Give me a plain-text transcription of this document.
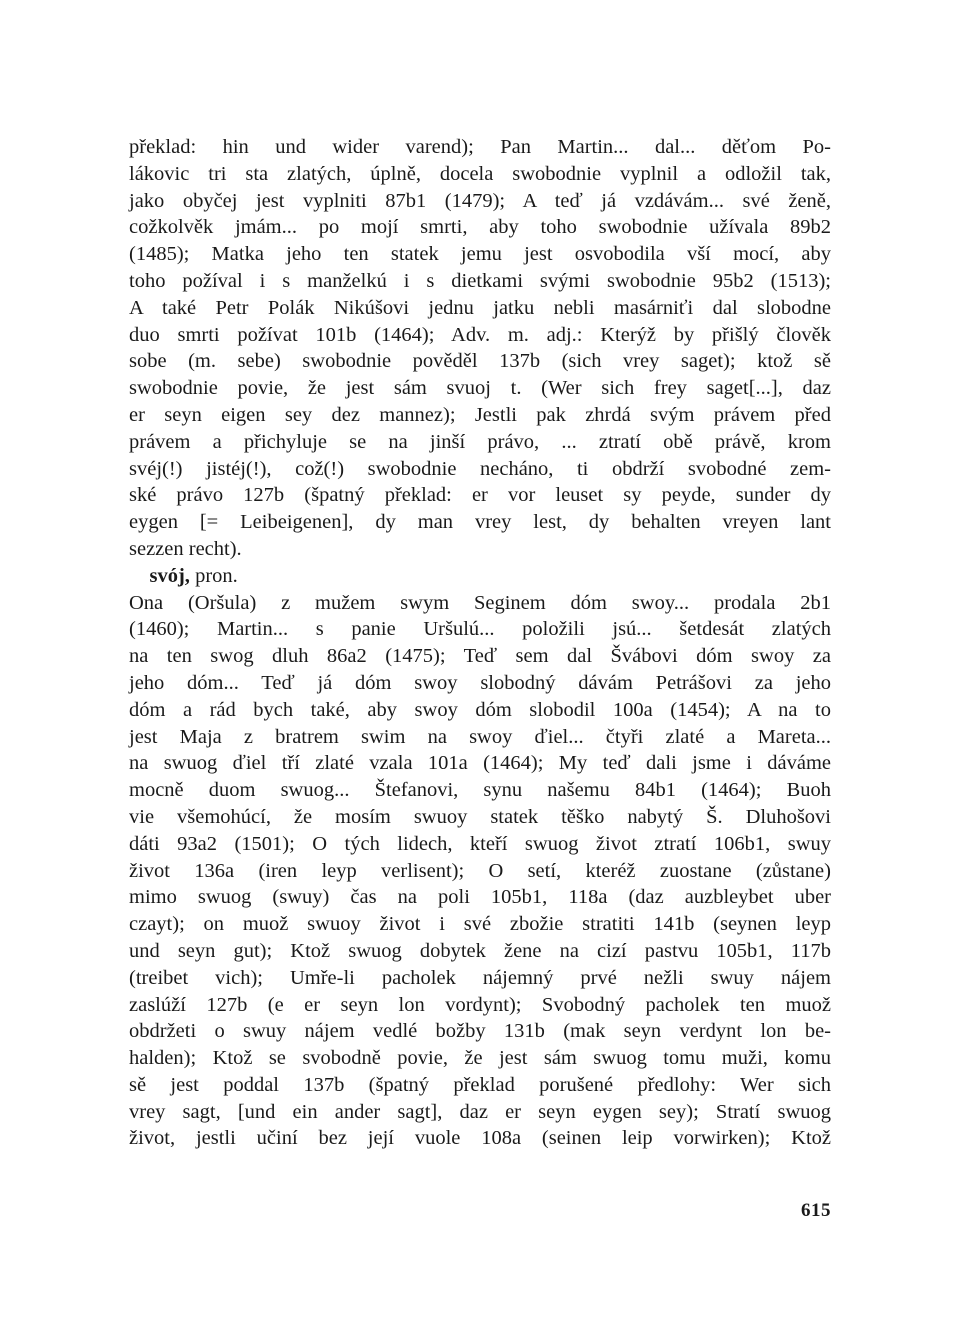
překlad: hin und wider varend); Pan Martin... dal... děťom Po-
lákovic tri sta zlatých, úplně, docela swobodnie vyplnil a odložil tak,
jako obyčej jest vyplniti 87b1 (1479); A teď já vzdávám... své ženě,
cožkolvěk jmám... po mojí smrti, aby toho swobodnie užívala 89b2
(1485); Matka jeho ten statek jemu jest osvobodila vší mocí, aby
toho požíval i s manželkú i s dietkami svými swobodnie 95b2 (1513);
A také Petr Polák Nikúšovi jednu jatku nebli masárniťi dal slobodne
duo smrti požívat 101b (1464); Adv. m. adj.: Kterýž by přišlý člověk
sobe (m. sebe) swobodnie pověděl 137b (sich vrey saget); ktož sě
swobodnie povie, že jest sám svuoj t. (Wer sich frey saget[...], daz
er seyn eigen sey dez mannez); Jestli pak zhrdá svým právem před
právem a přichyluje se na jinší právo, ... ztratí obě právě, krom
svéj(!) jistéj(!), což(!) swobodnie necháno, ti obdrží svobodné zem-
ské právo 127b (špatný překlad: er vor leuset sy peyde, sunder dy
eygen [= Leibeigenen], dy man vrey lest, dy behalten vreyen lant
sezzen recht).
svój, pron.
Ona (Oršula) z mužem swym Seginem dóm swoy... prodala 2b1
(1460); Martin... s panie Uršulú... položili jsú... šetdesát zlatých
na ten swog dluh 86a2 (1475); Teď sem dal Švábovi dóm swoy za
jeho dóm... Teď já dóm swoy slobodný dávám Petrášovi za jeho
dóm a rád bych také, aby swoy dóm slobodil 100a (1454); A na to
jest Maja z bratrem swim na swoy ďiel... čtyři zlaté a Mareta...
na swuog ďiel tří zlaté vzala 101a (1464); My teď dali jsme i dáváme
mocně duom swuog... Štefanovi, synu našemu 84b1 (1464); Buoh
vie všemohúcí, že mosím swuoy statek těško nabytý Š. Dluhošovi
dáti 93a2 (1501); O tých lidech, kteří swuog život ztratí 106b1, swuy
život 136a (iren leyp verlisent); O setí, kteréž zuostane (zůstane)
mimo swuog (swuy) čas na poli 105b1, 118a (daz auzbleybet uber
czayt); on muož swuoy život i své zbožie stratiti 141b (seynen leyp
und seyn gut); Ktož swuog dobytek žene na cizí pastvu 105b1, 117b
(treibet vich); Umře-li pacholek nájemný prvé nežli swuy nájem
zaslúží 127b (e er seyn lon vordynt); Svobodný pacholek ten muož
obdržeti o swuy nájem vedlé božby 131b (mak seyn verdynt lon be-
halden); Ktož se svobodně povie, že jest sám swuog tomu muži, komu
sě jest poddal 137b (špatný překlad porušené předlohy: Wer sich
vrey sagt, [und ein ander sagt], daz er seyn eygen sey); Stratí swuog
život, jestli učiní bez její vuole 108a (seinen leip vorwirken); Ktož
615
